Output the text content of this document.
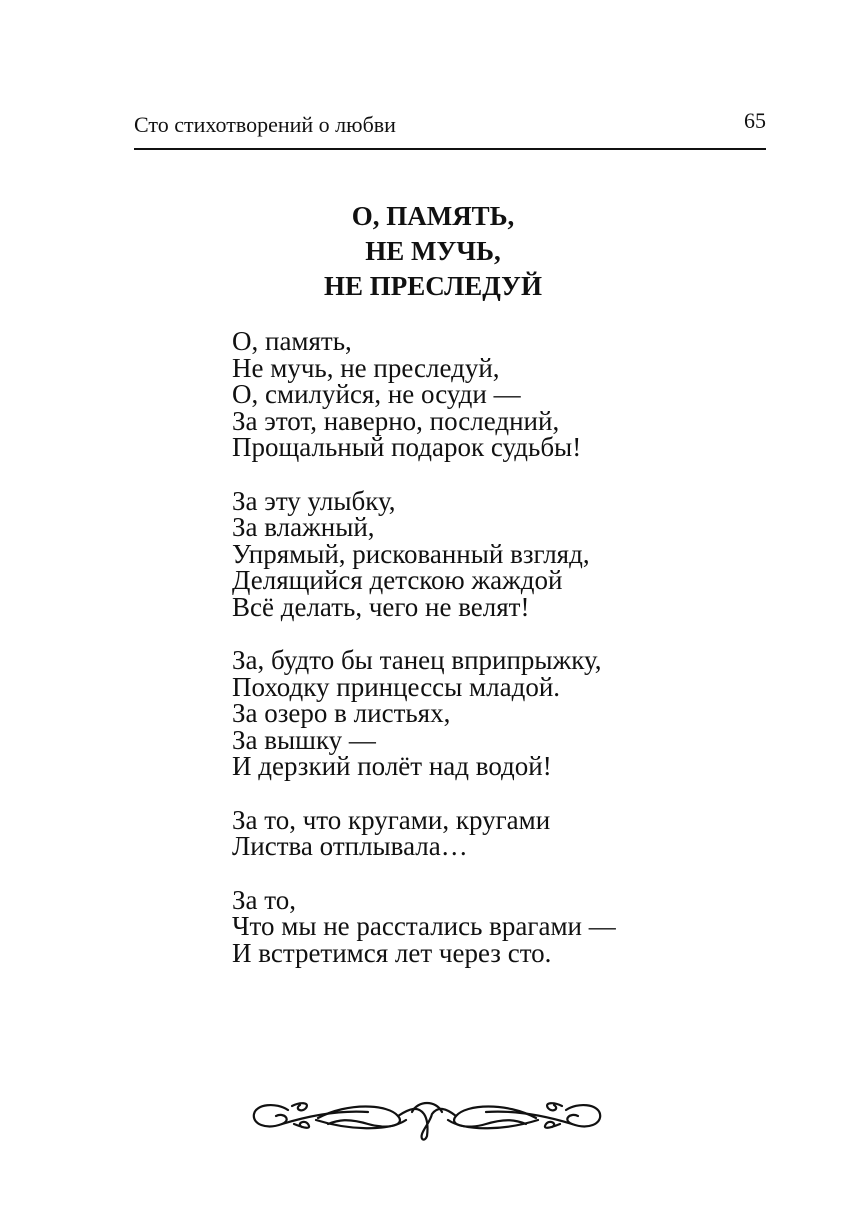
Сто стихотворений о любви	65
О, ПАМЯТЬ,
НЕ МУЧЬ,
НЕ ПРЕСЛЕДУЙ
О, память,
Не мучь, не преследуй,
О, смилуйся, не осуди —
За этот, наверно, последний,
Прощальный подарок судьбы!
За эту улыбку,
За влажный,
Упрямый, рискованный взгляд,
Делящийся детскою жаждой
Всё делать, чего не велят!
За, будто бы танец вприпрыжку,
Походку принцессы младой.
За озеро в листьях,
За вышку —
И дерзкий полёт над водой!
За то, что кругами, кругами
Листва отплывала…
За то,
Что мы не расстались врагами —
И встретимся лет через сто.
